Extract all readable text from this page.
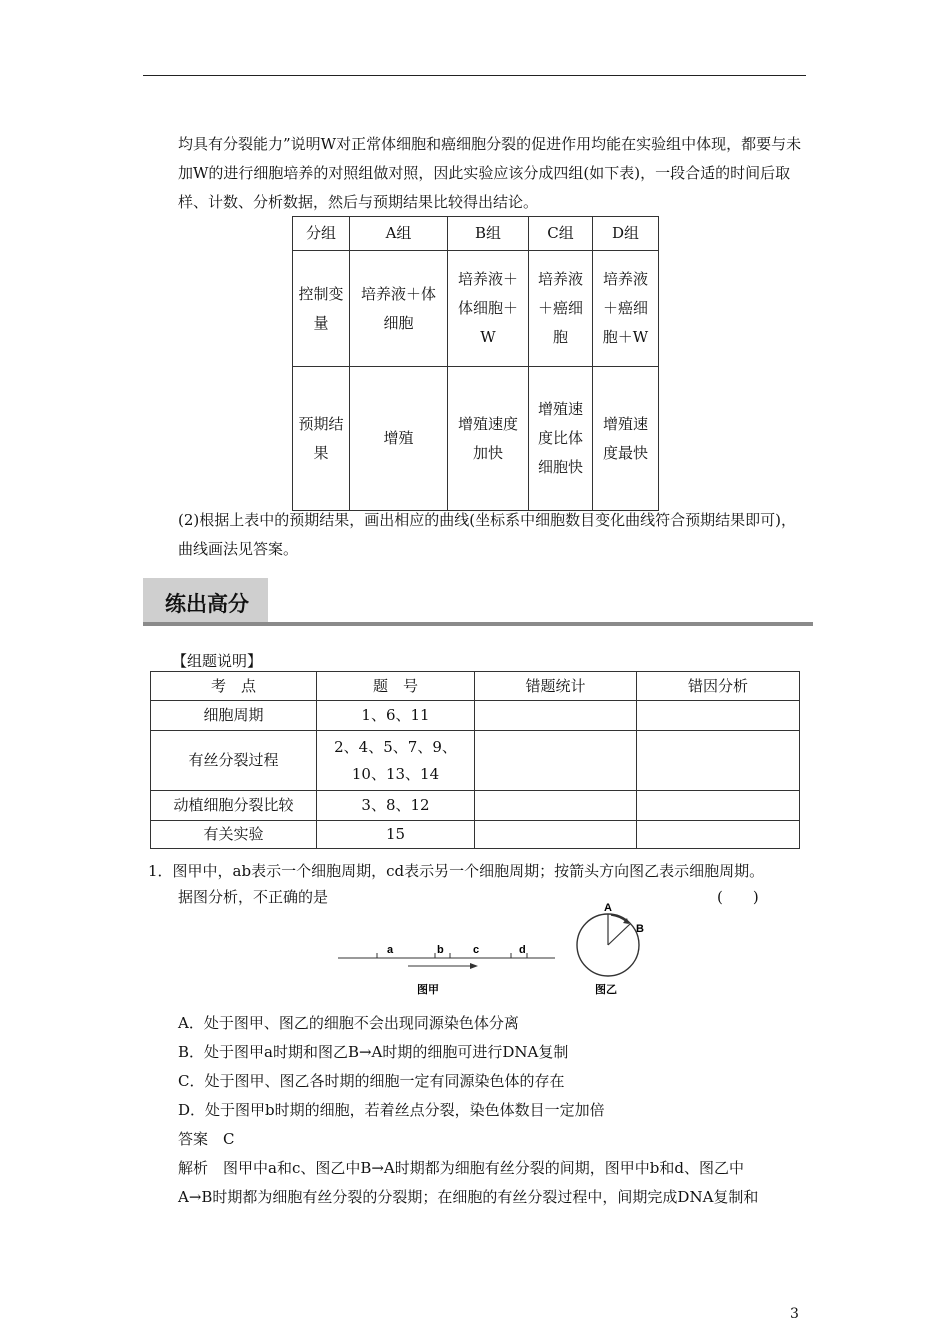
均具有分裂能力”说明W对正常体细胞和癌细胞分裂的促进作用均能在实验组中体现，都要与未加W的进行细胞培养的对照组做对照，因此实验应该分成四组(如下表)，一段合适的时间后取样、计数、分析数据，然后与预期结果比较得出结论。

分组	A组	B组	C组	D组
控制变量	培养液＋体细胞	培养液＋体细胞＋W	培养液＋癌细胞	培养液＋癌细胞＋W
预期结果	增殖	增殖速度加快	增殖速度比体细胞快	增殖速度最快

(2)根据上表中的预期结果，画出相应的曲线(坐标系中细胞数目变化曲线符合预期结果即可)，曲线画法见答案。

练出高分
【组题说明】
考　点	题　号	错题统计	错因分析
细胞周期	1、6、11		
有丝分裂过程	2、4、5、7、9、10、13、14		
动植细胞分裂比较	3、8、12		
有关实验	15		

1．图甲中，ab表示一个细胞周期，cd表示另一个细胞周期；按箭头方向图乙表示细胞周期。

据图分析，不正确的是	(　　)
a	b	c	d
图甲
A
B
图乙

A．处于图甲、图乙的细胞不会出现同源染色体分离

B．处于图甲a时期和图乙B→A时期的细胞可进行DNA复制

C．处于图甲、图乙各时期的细胞一定有同源染色体的存在

D．处于图甲b时期的细胞，若着丝点分裂，染色体数目一定加倍

答案　C

解析　图甲中a和c、图乙中B→A时期都为细胞有丝分裂的间期，图甲中b和d、图乙中

A→B时期都为细胞有丝分裂的分裂期；在细胞的有丝分裂过程中，间期完成DNA复制和

3
